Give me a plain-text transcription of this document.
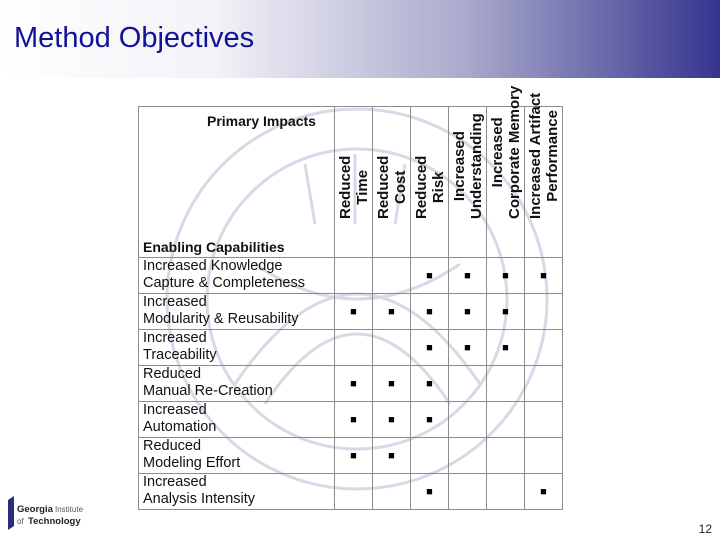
Method Objectives
Primary Impacts
Enabling Capabilities	Reduced Time	Reduced Cost	Reduced Risk	Increased Understanding	Increased Corporate Memory	Increased Artifact Performance

Increased Knowledge
Capture & Completeness			■	■	■	■

Increased
Modularity & Reusability	■	■	■	■	■	

Increased
Traceability			■	■	■	

Reduced
Manual Re-Creation	■	■	■			

Increased
Automation	■	■	■			

Reduced
Modeling Effort	■	■				

Increased
Analysis Intensity			■			■
Georgia Institute
of Technology
12
